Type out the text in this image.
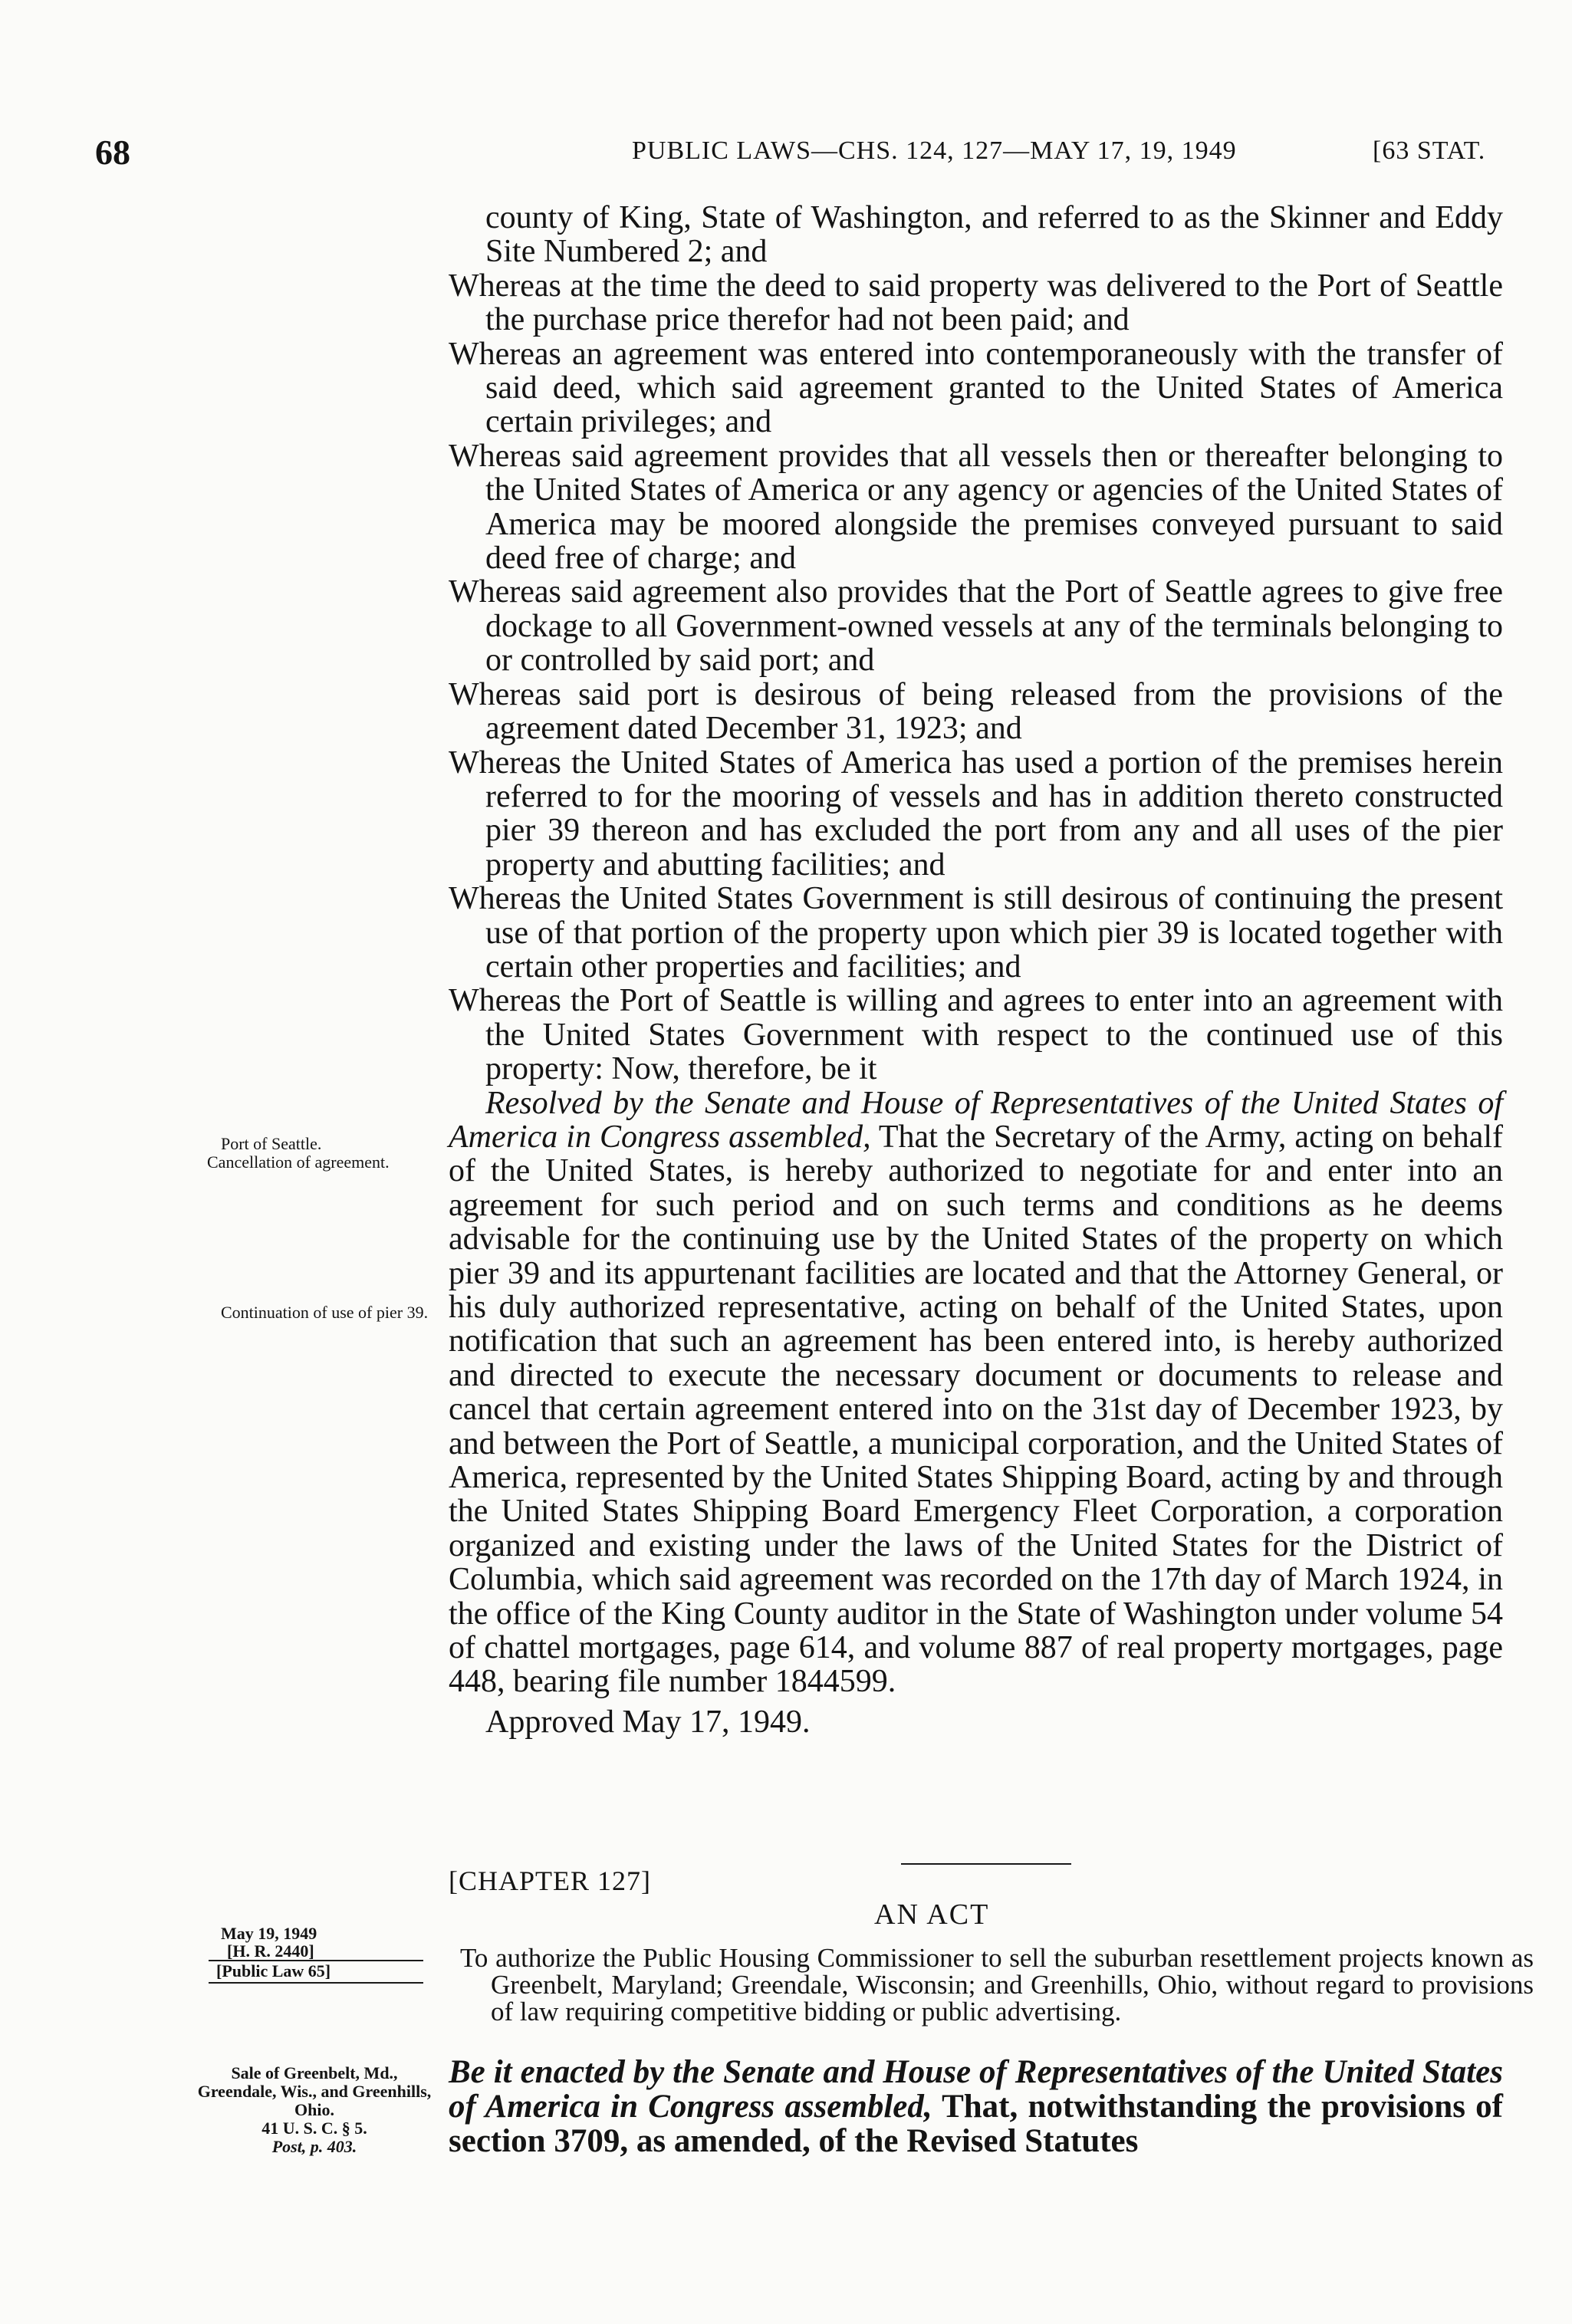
68	PUBLIC LAWS—CHS. 124, 127—MAY 17, 19, 1949	[63 STAT.

county of King, State of Washington, and referred to as the Skinner and Eddy Site Numbered 2; and

Whereas at the time the deed to said property was delivered to the Port of Seattle the purchase price therefor had not been paid; and

Whereas an agreement was entered into contemporaneously with the transfer of said deed, which said agreement granted to the United States of America certain privileges; and

Whereas said agreement provides that all vessels then or thereafter belonging to the United States of America or any agency or agencies of the United States of America may be moored alongside the premises conveyed pursuant to said deed free of charge; and

Whereas said agreement also provides that the Port of Seattle agrees to give free dockage to all Government-owned vessels at any of the terminals belonging to or controlled by said port; and

Whereas said port is desirous of being released from the provisions of the agreement dated December 31, 1923; and

Whereas the United States of America has used a portion of the premises herein referred to for the mooring of vessels and has in addition thereto constructed pier 39 thereon and has excluded the port from any and all uses of the pier property and abutting facilities; and

Whereas the United States Government is still desirous of continuing the present use of that portion of the property upon which pier 39 is located together with certain other properties and facilities; and

Whereas the Port of Seattle is willing and agrees to enter into an agreement with the United States Government with respect to the continued use of this property: Now, therefore, be it

Resolved by the Senate and House of Representatives of the United States of America in Congress assembled, That the Secretary of the Army, acting on behalf of the United States, is hereby authorized to negotiate for and enter into an agreement for such period and on such terms and conditions as he deems advisable for the continuing use by the United States of the property on which pier 39 and its appurtenant facilities are located and that the Attorney General, or his duly authorized representative, acting on behalf of the United States, upon notification that such an agreement has been entered into, is hereby authorized and directed to execute the necessary document or documents to release and cancel that certain agreement entered into on the 31st day of December 1923, by and between the Port of Seattle, a municipal corporation, and the United States of America, represented by the United States Shipping Board, acting by and through the United States Shipping Board Emergency Fleet Corporation, a corporation organized and existing under the laws of the United States for the District of Columbia, which said agreement was recorded on the 17th day of March 1924, in the office of the King County auditor in the State of Washington under volume 54 of chattel mortgages, page 614, and volume 887 of real property mortgages, page 448, bearing file number 1844599.

Approved May 17, 1949.

Port of Seattle.
Cancellation of agreement.
Continuation of use of pier 39.
[CHAPTER 127]
AN ACT
To authorize the Public Housing Commissioner to sell the suburban resettlement projects known as Greenbelt, Maryland; Greendale, Wisconsin; and Greenhills, Ohio, without regard to provisions of law requiring competitive bidding or public advertising.
Be it enacted by the Senate and House of Representatives of the United States of America in Congress assembled, That, notwithstanding the provisions of section 3709, as amended, of the Revised Statutes
May 19, 1949
[H. R. 2440]
[Public Law 65]
Sale of Greenbelt, Md., Greendale, Wis., and Greenhills, Ohio.
41 U. S. C. § 5.
Post, p. 403.
